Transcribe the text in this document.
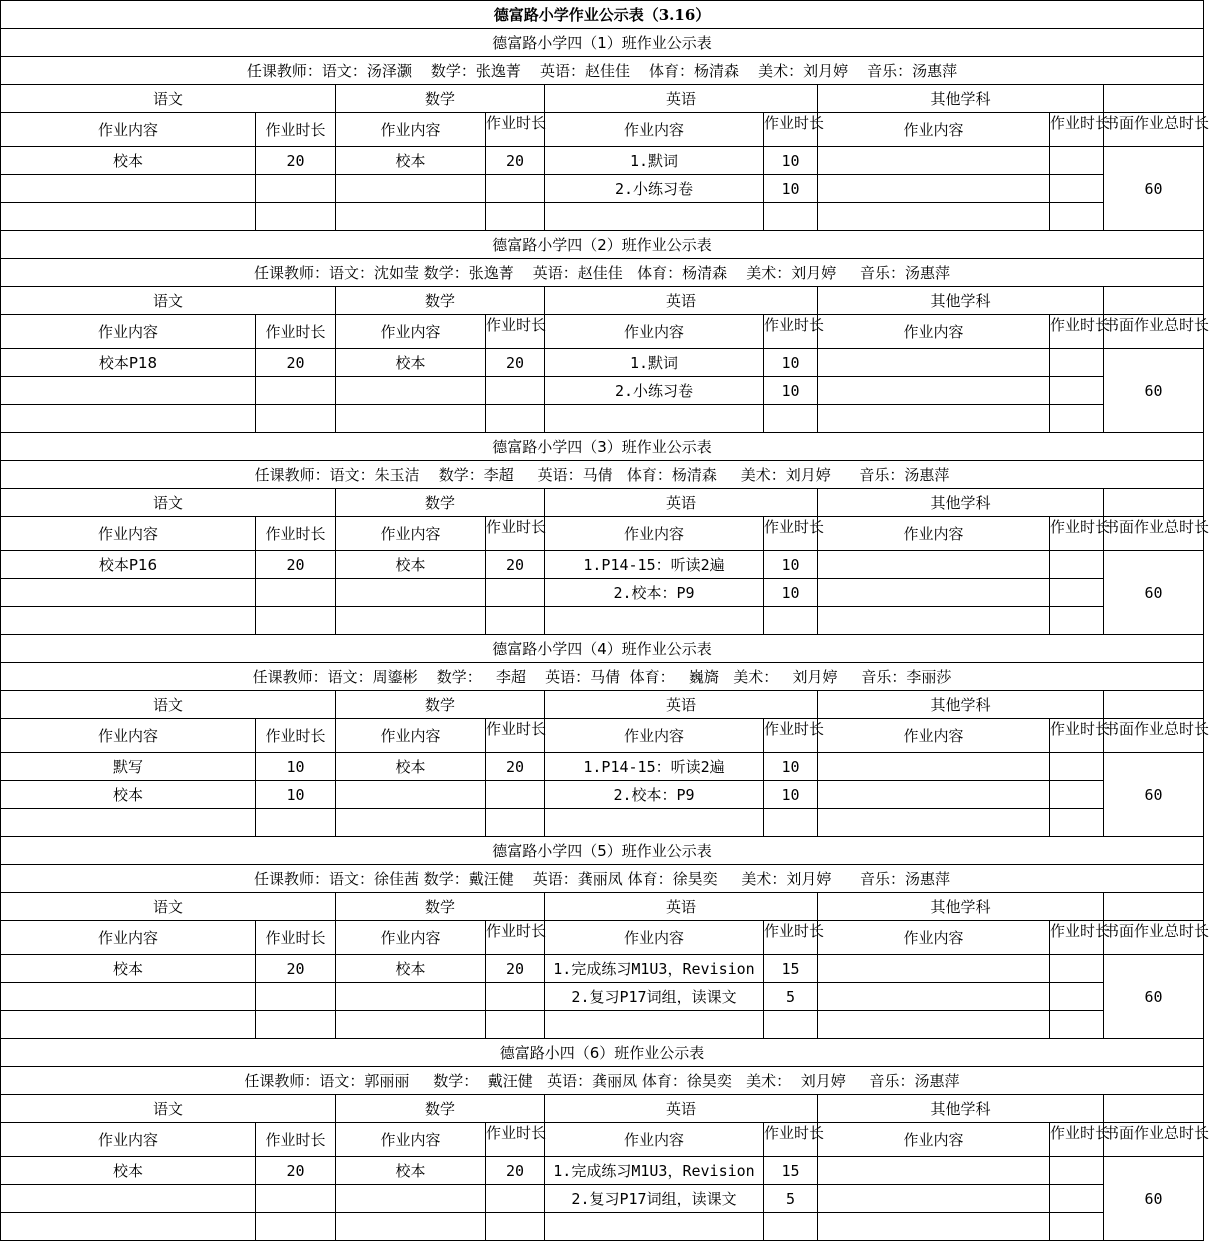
德富路小学作业公示表（3.16）								
德富路小学四（1）班作业公示表								
任课教师：语文：汤泽灏    数学：张逸菁    英语：赵佳佳    体育：杨清森    美术：刘月婷    音乐：汤惠萍								
语文		数学		英语		其他学科		
作业内容	作业时长	作业内容	作业时长	作业内容	作业时长	作业内容	作业时长	书面作业总时长

校本	20	校本	20	1.默词	10			60
				2.小练习卷	10			

德富路小学四（2）班作业公示表								
任课教师：语文：沈如莹 数学：张逸菁    英语：赵佳佳   体育：杨清森    美术：刘月婷     音乐：汤惠萍								
语文		数学		英语		其他学科		
作业内容	作业时长	作业内容	作业时长	作业内容	作业时长	作业内容	作业时长	书面作业总时长

校本P18	20	校本	20	1.默词	10			60
				2.小练习卷	10			

德富路小学四（3）班作业公示表								
任课教师：语文：朱玉洁    数学：李超     英语：马倩   体育：杨清森     美术：刘月婷      音乐：汤惠萍								
语文		数学		英语		其他学科		
作业内容	作业时长	作业内容	作业时长	作业内容	作业时长	作业内容	作业时长	书面作业总时长

校本P16	20	校本	20	1.P14-15：听读2遍	10			60
				2.校本：P9	10			

德富路小学四（4）班作业公示表								
任课教师：语文：周鎏彬    数学：   李超    英语：马倩  体育：   巍旖   美术：   刘月婷     音乐：李丽莎								
语文		数学		英语		其他学科		
作业内容	作业时长	作业内容	作业时长	作业内容	作业时长	作业内容	作业时长	书面作业总时长

默写	10	校本	20	1.P14-15：听读2遍	10			60
校本	10			2.校本：P9	10			

德富路小学四（5）班作业公示表								
任课教师：语文：徐佳茜 数学：戴汪健    英语：龚丽凤 体育：徐昊奕     美术：刘月婷      音乐：汤惠萍								
语文		数学		英语		其他学科		
作业内容	作业时长	作业内容	作业时长	作业内容	作业时长	作业内容	作业时长	书面作业总时长

校本	20	校本	20	1.完成练习M1U3，Revision	15			60
				2.复习P17词组，读课文	5			

德富路小四（6）班作业公示表								
任课教师：语文：郭丽丽     数学：  戴汪健   英语：龚丽凤 体育：徐昊奕   美术：  刘月婷     音乐：汤惠萍								
语文		数学		英语		其他学科		
作业内容	作业时长	作业内容	作业时长	作业内容	作业时长	作业内容	作业时长	书面作业总时长

校本	20	校本	20	1.完成练习M1U3，Revision	15			60
				2.复习P17词组，读课文	5			
